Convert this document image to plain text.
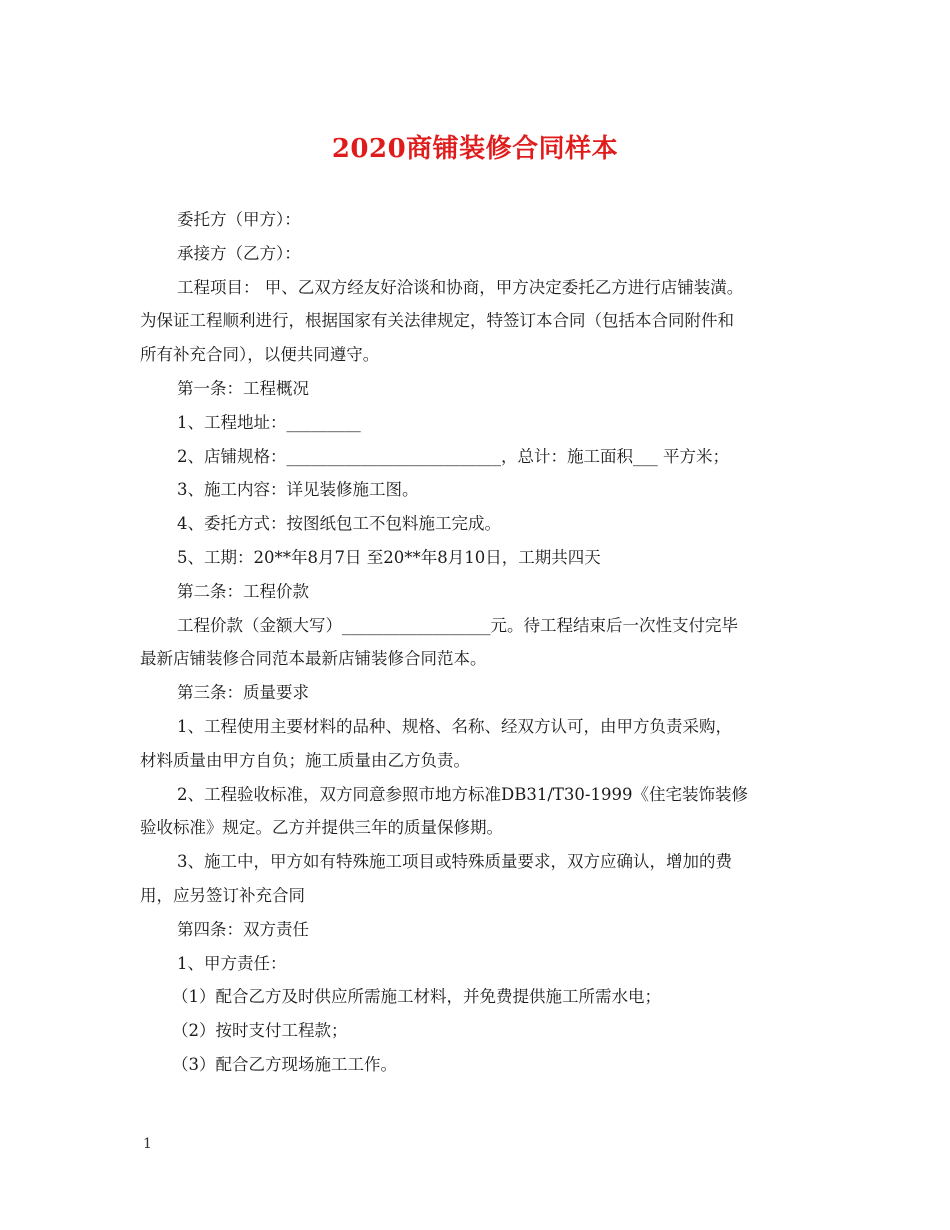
2020商铺装修合同样本
委托方（甲方）：
承接方（乙方）：
工程项目： 甲、乙双方经友好洽谈和协商，甲方决定委托乙方进行店铺装潢。
为保证工程顺利进行，根据国家有关法律规定，特签订本合同（包括本合同附件和
所有补充合同），以便共同遵守。
第一条：工程概况
1、工程地址：_________
2、店铺规格：__________________________，总计：施工面积___ 平方米；
3、施工内容：详见装修施工图。
4、委托方式：按图纸包工不包料施工完成。
5、工期：20**年8月7日 至20**年8月10日，工期共四天
第二条：工程价款
工程价款（金额大写）__________________元。待工程结束后一次性支付完毕
最新店铺装修合同范本最新店铺装修合同范本。
第三条：质量要求
1、工程使用主要材料的品种、规格、名称、经双方认可，由甲方负责采购，
材料质量由甲方自负；施工质量由乙方负责。
2、工程验收标准，双方同意参照市地方标准DB31/T30-1999《住宅装饰装修
验收标准》规定。乙方并提供三年的质量保修期。
3、施工中，甲方如有特殊施工项目或特殊质量要求，双方应确认，增加的费
用，应另签订补充合同
第四条：双方责任
1、甲方责任：
（1）配合乙方及时供应所需施工材料，并免费提供施工所需水电；
（2）按时支付工程款；
（3）配合乙方现场施工工作。
1
